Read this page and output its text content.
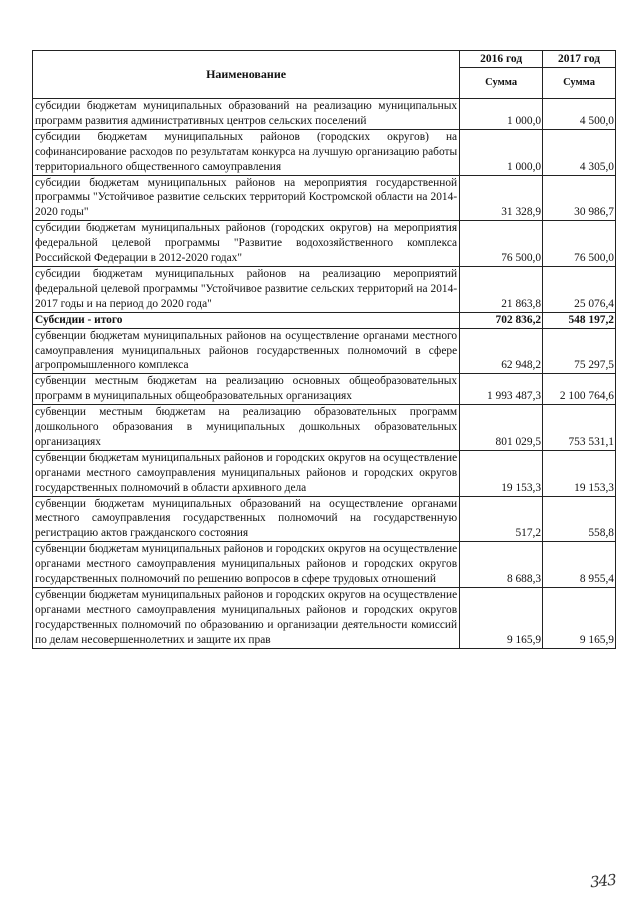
Наименование	2016 год	2017 год
	Сумма	Сумма
субсидии бюджетам муниципальных образований на реализацию муниципальных программ развития административных центров сельских поселений	1 000,0	4 500,0
субсидии бюджетам муниципальных районов (городских округов) на софинансирование расходов по результатам конкурса на лучшую организацию работы территориального общественного самоуправления	1 000,0	4 305,0
субсидии бюджетам муниципальных районов на мероприятия государственной программы "Устойчивое развитие сельских территорий Костромской области на 2014-2020 годы"	31 328,9	30 986,7
субсидии бюджетам муниципальных районов (городских округов) на мероприятия федеральной целевой программы "Развитие водохозяйственного комплекса Российской Федерации в 2012-2020 годах"	76 500,0	76 500,0
субсидии бюджетам муниципальных районов на реализацию мероприятий федеральной целевой программы "Устойчивое развитие сельских территорий на 2014-2017 годы и на период до 2020 года"	21 863,8	25 076,4
Субсидии - итого	702 836,2	548 197,2
субвенции бюджетам муниципальных районов на осуществление органами местного самоуправления муниципальных районов государственных полномочий в сфере агропромышленного комплекса	62 948,2	75 297,5
субвенции местным бюджетам на реализацию основных общеобразовательных программ в муниципальных общеобразовательных организациях	1 993 487,3	2 100 764,6
субвенции местным бюджетам на реализацию образовательных программ дошкольного образования в муниципальных дошкольных образовательных организациях	801 029,5	753 531,1
субвенции бюджетам муниципальных районов и городских округов на осуществление органами местного самоуправления муниципальных районов и городских округов государственных полномочий в области архивного дела	19 153,3	19 153,3
субвенции бюджетам муниципальных образований на осуществление органами местного самоуправления государственных полномочий на государственную регистрацию актов гражданского состояния	517,2	558,8
субвенции бюджетам муниципальных районов и городских округов на осуществление органами местного самоуправления муниципальных районов и городских округов государственных полномочий по решению вопросов в сфере трудовых отношений	8 688,3	8 955,4
субвенции бюджетам муниципальных районов и городских округов на осуществление органами местного самоуправления муниципальных районов и городских округов государственных полномочий по образованию и организации деятельности комиссий по делам несовершеннолетних и защите их прав	9 165,9	9 165,9
343
